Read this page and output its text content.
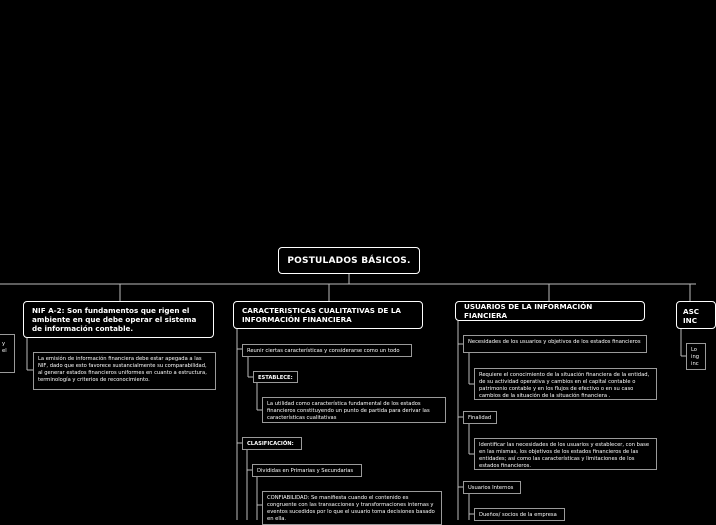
y
el
POSTULADOS BÁSICOS.
NIF A-2: Son fundamentos que rigen el ambiente en que debe operar el sistema de información contable.
La emisión de información financiera debe estar apegada a las NIF, dado que esto favorece sustancialmente su comparabilidad, al generar estados financieros uniformes en cuanto a estructura, terminología y criterios de reconocimiento.
CARACTERISTICAS CUALITATIVAS DE LA INFORMACIÓN FINANCIERA
Reunir ciertas características y considerarse como un todo
ESTABLECE:
La utilidad como característica fundamental de los estados financieros constituyendo un punto de partida para derivar las características cualitativas
CLASIFICACIÓN:
Divididas en Primarias y Secundarias
CONFIABILIDAD: Se manifiesta cuando el contenido es congruente con las transacciones y transformaciones internas y eventos sucedidos por lo que el usuario toma decisiones basado en ella.
USUARIOS DE LA INFORMACIÓN FIANCIERA
Necesidades de los usuarios y objetivos de los estados financieros
Requiere el conocimiento de la situación financiera de la entidad, de su actividad operativa y cambios en el capital contable o patrimonio contable y en los flujos de efectivo o en su caso cambios de la situación de la situación financiera .
Finalidad
Identificar las necesidades de los usuarios y establecer, con base en las mismas, los objetivos de los estados financieros de las entidades; así como las características y limitaciones de los estados financieros.
Usuarios Internos
Dueños/ socios de la empresa
ASC
INC
Lo
ing
inc
